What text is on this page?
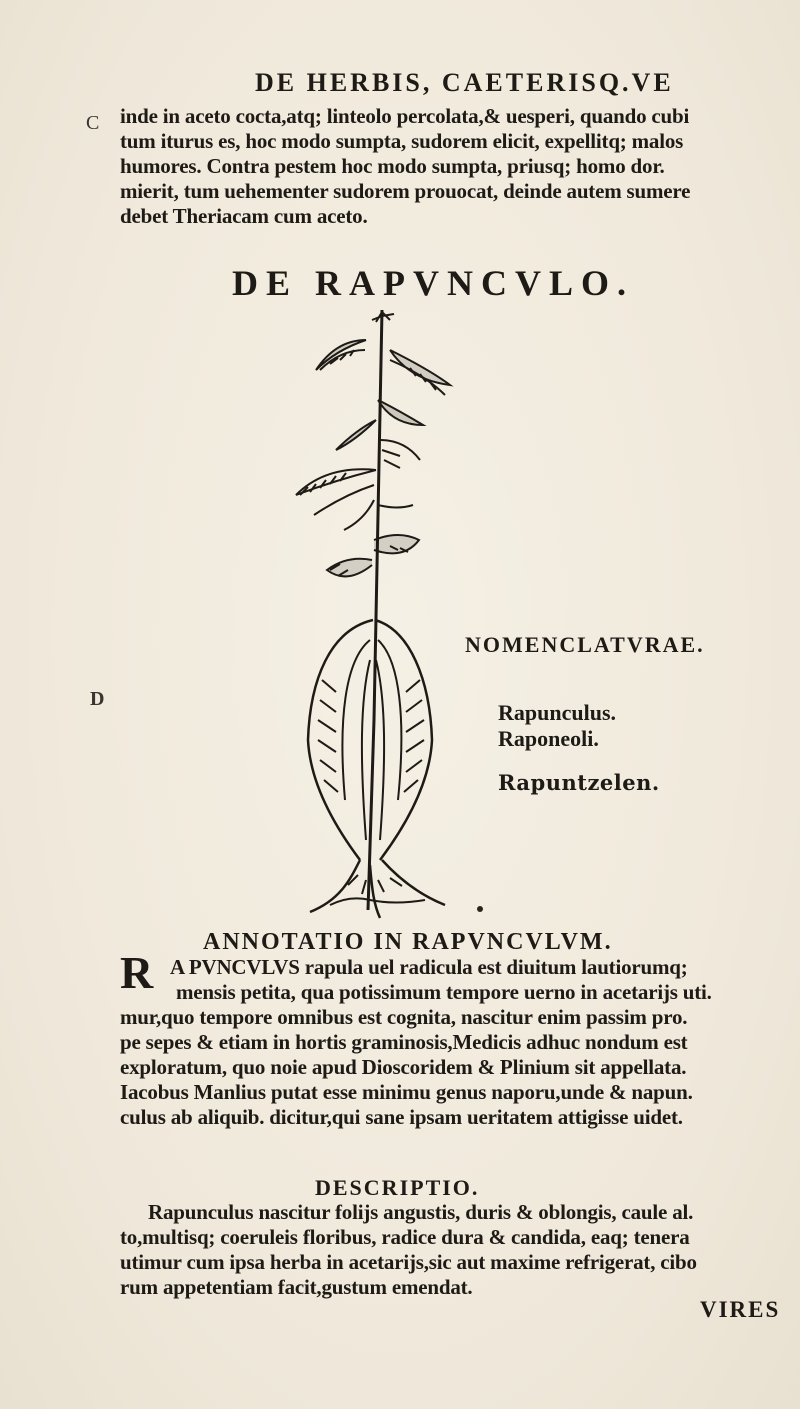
DE HERBIS, CAETERISQ.VE
C
D
inde in aceto cocta,atq; linteolo percolata,& uesperi, quando cubi
tum iturus es, hoc modo sumpta, sudorem elicit, expellitq; malos
humores. Contra pestem hoc modo sumpta, priusq; homo dor.
mierit, tum uehementer sudorem prouocat, deinde autem sumere
debet Theriacam cum aceto.
DE RAPVNCVLO.
NOMENCLATVRAE.
Rapunculus.
Raponeoli.
Rapuntzelen.
ANNOTATIO IN RAPVNCVLVM.
R A PVNCVLVS rapula uel radicula est diuitum lautiorumq;
mensis petita, qua potissimum tempore uerno in acetarijs uti.
mur,quo tempore omnibus est cognita, nascitur enim passim pro.
pe sepes & etiam in hortis graminosis,Medicis adhuc nondum est
exploratum, quo noie apud Dioscoridem & Plinium sit appellata.
Iacobus Manlius putat esse minimu genus naporu,unde & napun.
culus ab aliquib. dicitur,qui sane ipsam ueritatem attigisse uidet.
DESCRIPTIO.
Rapunculus nascitur folijs angustis, duris & oblongis, caule al.
to,multisq; coeruleis floribus, radice dura & candida, eaq; tenera
utimur cum ipsa herba in acetarijs,sic aut maxime refrigerat, cibo
rum appetentiam facit,gustum emendat.
VIRES
